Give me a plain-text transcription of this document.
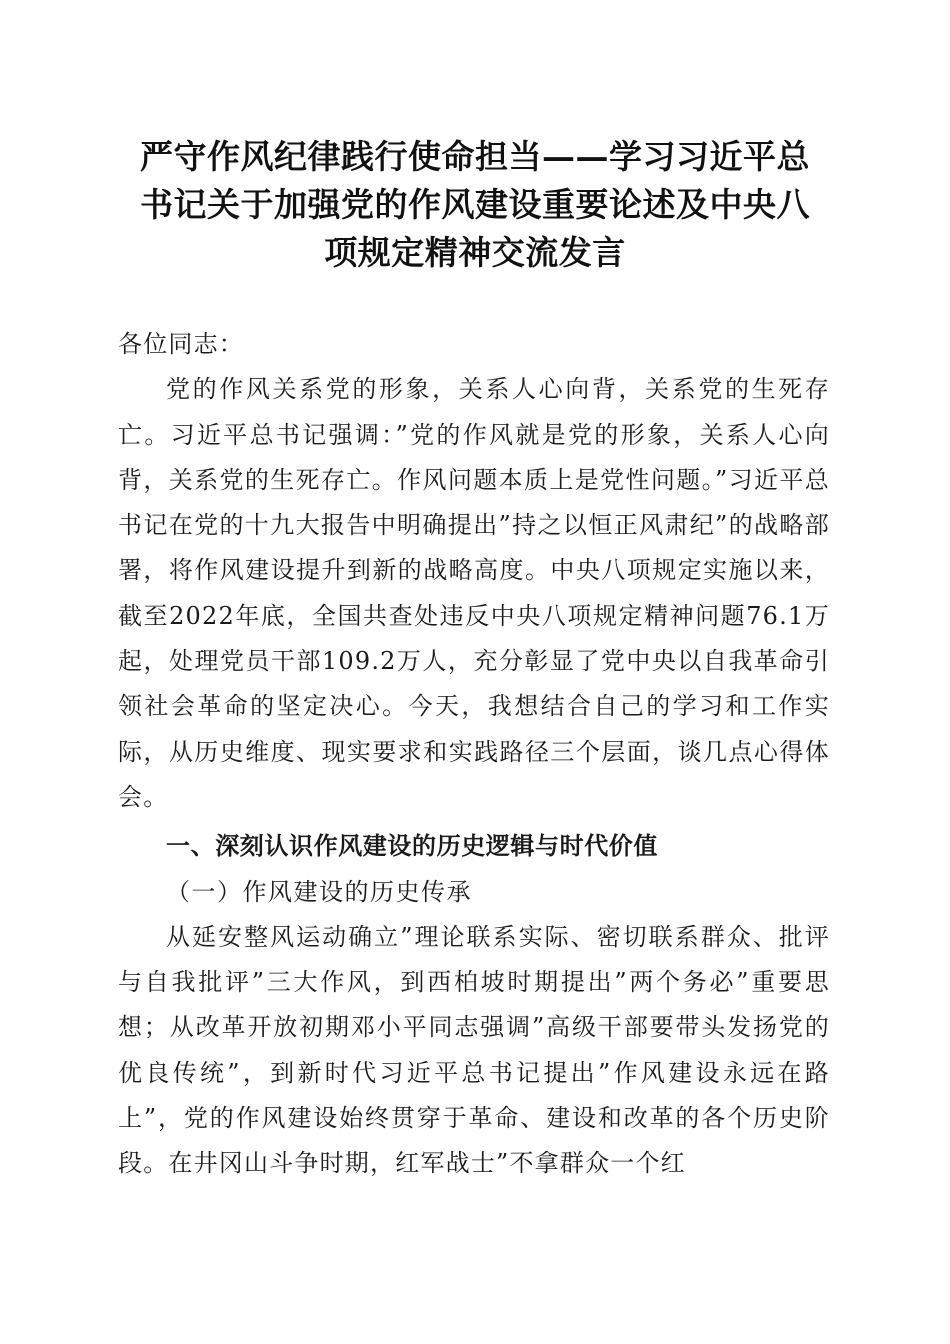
严守作风纪律践行使命担当——学习习近平总
书记关于加强党的作风建设重要论述及中央八
项规定精神交流发言

各位同志：

党的作风关系党的形象，关系人心向背，关系党的生死存亡。习近平总书记强调：”党的作风就是党的形象，关系人心向背，关系党的生死存亡。作风问题本质上是党性问题。”习近平总书记在党的十九大报告中明确提出”持之以恒正风肃纪”的战略部署，将作风建设提升到新的战略高度。中央八项规定实施以来，截至2022年底，全国共查处违反中央八项规定精神问题76.1万起，处理党员干部109.2万人，充分彰显了党中央以自我革命引领社会革命的坚定决心。今天，我想结合自己的学习和工作实际，从历史维度、现实要求和实践路径三个层面，谈几点心得体会。

一、深刻认识作风建设的历史逻辑与时代价值

（一）作风建设的历史传承

从延安整风运动确立”理论联系实际、密切联系群众、批评与自我批评”三大作风，到西柏坡时期提出”两个务必”重要思想；从改革开放初期邓小平同志强调”高级干部要带头发扬党的优良传统”，到新时代习近平总书记提出”作风建设永远在路上”，党的作风建设始终贯穿于革命、建设和改革的各个历史阶段。在井冈山斗争时期，红军战士”不拿群众一个红
